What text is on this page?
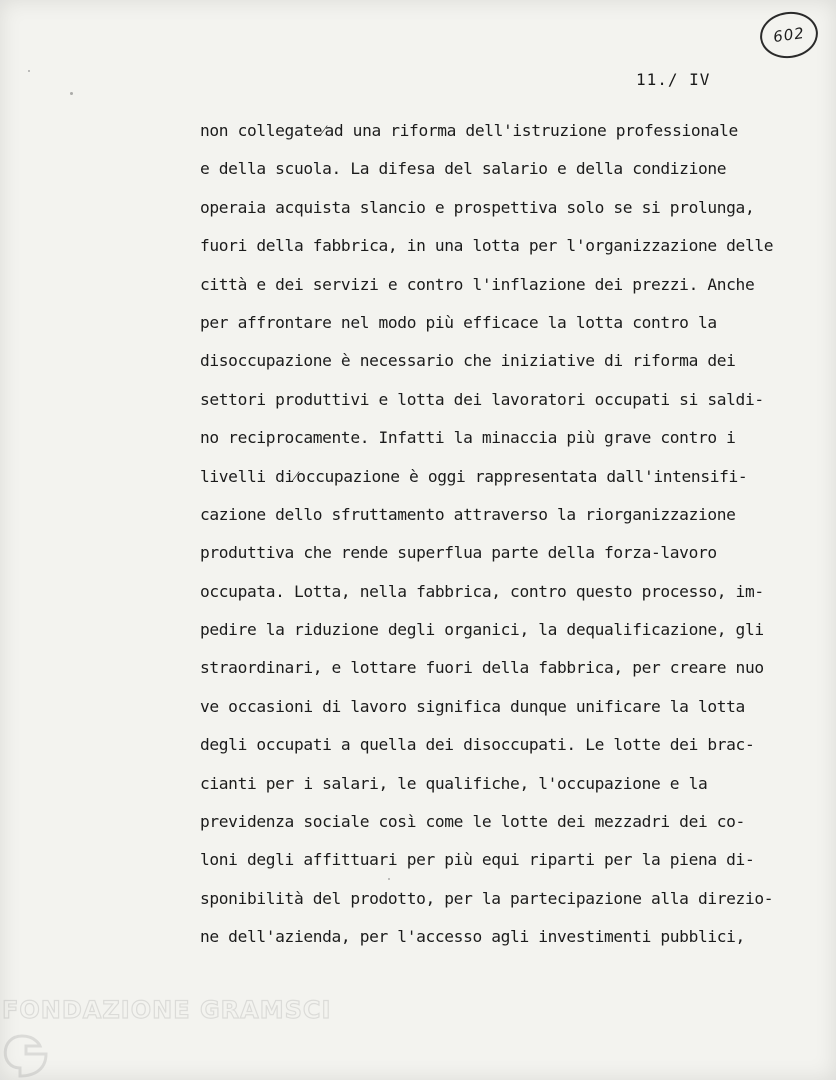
602
11./ IV
non collegate⁄ad una riforma dell'istruzione professionale
e della scuola. La difesa del salario e della condizione
operaia acquista slancio e prospettiva solo se si prolunga,
fuori della fabbrica, in una lotta per l'organizzazione delle
città e dei servizi e contro l'inflazione dei prezzi. Anche
per affrontare nel modo più efficace la lotta contro la
disoccupazione è necessario che iniziative di riforma dei
settori produttivi e lotta dei lavoratori occupati si saldi-
no reciprocamente. Infatti la minaccia più grave contro i
livelli di⁄occupazione è oggi rappresentata dall'intensifi-
cazione dello sfruttamento attraverso la riorganizzazione
produttiva che rende superflua parte della forza-lavoro
occupata. Lotta, nella fabbrica, contro questo processo, im-
pedire la riduzione degli organici, la dequalificazione, gli
straordinari, e lottare fuori della fabbrica, per creare nuo
ve occasioni di lavoro significa dunque unificare la lotta
degli occupati a quella dei disoccupati. Le lotte dei brac-
cianti per i salari, le qualifiche, l'occupazione e la
previdenza sociale così come le lotte dei mezzadri dei co-
loni degli affittuari per più equi riparti per la piena di-
sponibilità del prodotto, per la partecipazione alla direzio-
ne dell'azienda, per l'accesso agli investimenti pubblici,
FONDAZIONE GRAMSCI
